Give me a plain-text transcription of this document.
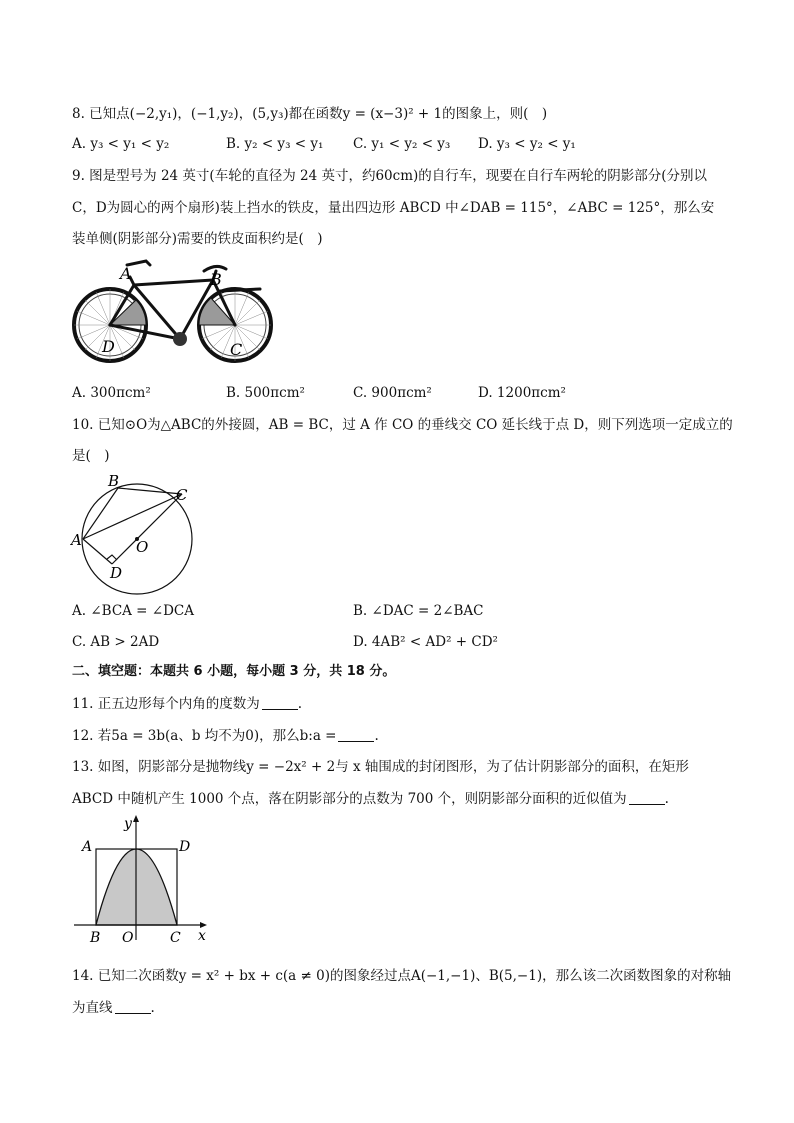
8. 已知点(−2,y₁)，(−1,y₂)，(5,y₃)都在函数y = (x−3)² + 1的图象上，则(　)
A. y₃ < y₁ < y₂	B. y₂ < y₃ < y₁ C. y₁ < y₂ < y₃ D. y₃ < y₂ < y₁
9. 图是型号为 24 英寸(车轮的直径为 24 英寸，约60cm)的自行车，现要在自行车两轮的阴影部分(分别以
C，D为圆心的两个扇形)装上挡水的铁皮，量出四边形 ABCD 中∠DAB = 115°，∠ABC = 125°，那么安
装单侧(阴影部分)需要的铁皮面积约是(　)
A	B
D	C
A. 300πcm²	B. 500πcm²	C. 900πcm²	D. 1200πcm²
10. 已知⊙O为△ABC的外接圆，AB = BC，过 A 作 CO 的垂线交 CO 延长线于点 D，则下列选项一定成立的
是(　)
B
C
A	O
D
A. ∠BCA = ∠DCA	B. ∠DAC = 2∠BAC
C. AB > 2AD	D. 4AB² < AD² + CD²
二、填空题：本题共 6 小题，每小题 3 分，共 18 分。
11. 正五边形每个内角的度数为	.
12. 若5a = 3b(a、b 均不为0)，那么b:a =	.
13. 如图，阴影部分是抛物线y = −2x² + 2与 x 轴围成的封闭图形，为了估计阴影部分的面积，在矩形
ABCD 中随机产生 1000 个点，落在阴影部分的点数为 700 个，则阴影部分面积的近似值为	.
y
A	D
B O	C x
14. 已知二次函数y = x² + bx + c(a ≠ 0)的图象经过点A(−1,−1)、B(5,−1)，那么该二次函数图象的对称轴
为直线	.
